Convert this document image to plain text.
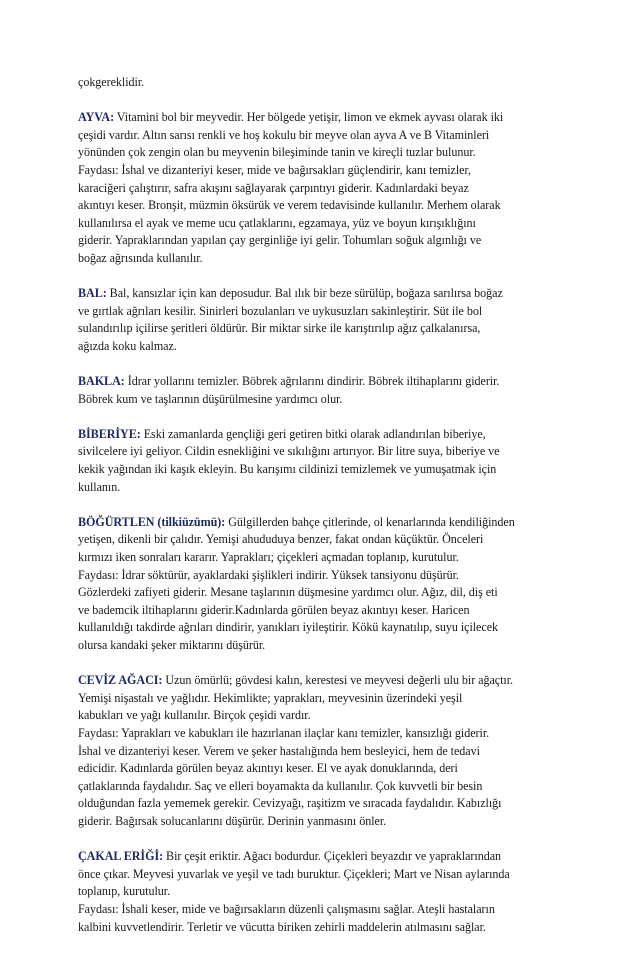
çokgereklidir.
AYVA: Vitamini bol bir meyvedir. Her bölgede yetişir, limon ve ekmek ayvası olarak iki
çeşidi vardır. Altın sarısı renkli ve hoş kokulu bir meyve olan ayva A ve B Vitaminleri
yönünden çok zengin olan bu meyvenin bileşiminde tanin ve kireçli tuzlar bulunur.
Faydası: İshal ve dizanteriyi keser, mide ve bağırsakları güçlendirir, kanı temizler,
karaciğeri çalıştırır, safra akışını sağlayarak çarpıntıyı giderir. Kadınlardaki beyaz
akıntıyı keser. Bronşit, müzmin öksürük ve verem tedavisinde kullanılır. Merhem olarak
kullanılırsa el ayak ve meme ucu çatlaklarını, egzamaya, yüz ve boyun kırışıklığını
giderir. Yapraklarından yapılan çay gerginliğe iyi gelir. Tohumları soğuk algınlığı ve
boğaz ağrısında kullanılır.
BAL: Bal, kansızlar için kan deposudur. Bal ılık bir beze sürülüp, boğaza sarılırsa boğaz
ve gırtlak ağrıları kesilir. Sinirleri bozulanları ve uykusuzları sakinleştirir. Süt ile bol
sulandırılıp içilirse şeritleri öldürür. Bir miktar sirke ile karıştırılıp ağız çalkalanırsa,
ağızda koku kalmaz.
BAKLA: İdrar yollarını temizler. Böbrek ağrılarını dindirir. Böbrek iltihaplarını giderir.
Böbrek kum ve taşlarının düşürülmesine yardımcı olur.
BİBERİYE: Eski zamanlarda gençliği geri getiren bitki olarak adlandırılan biberiye,
sivilcelere iyi geliyor. Cildin esnekliğini ve sıkılığını artırıyor. Bir litre suya, biberiye ve
kekik yağından iki kaşık ekleyin. Bu karışımı cildinizi temizlemek ve yumuşatmak için
kullanın.
BÖĞÜRTLEN (tilkiüzümü): Gülgillerden bahçe çitlerinde, ol kenarlarında kendiliğinden
yetişen, dikenli bir çalıdır. Yemişi ahududuya benzer, fakat ondan küçüktür. Önceleri
kırmızı iken sonraları kararır. Yaprakları; çiçekleri açmadan toplanıp, kurutulur.
Faydası: İdrar söktürür, ayaklardaki şişlikleri indirir. Yüksek tansiyonu düşürür.
Gözlerdeki zafiyeti giderir. Mesane taşlarının düşmesine yardımcı olur. Ağız, dil, diş eti
ve bademcik iltihaplarını giderir.Kadınlarda görülen beyaz akıntıyı keser. Haricen
kullanıldığı takdirde ağrıları dindirir, yanıkları iyileştirir. Kökü kaynatılıp, suyu içilecek
olursa kandaki şeker miktarını düşürür.
CEVİZ AĞACI: Uzun ömürlü; gövdesi kalın, kerestesi ve meyvesi değerli ulu bir ağaçtır.
Yemişi nişastalı ve yağlıdır. Hekimlikte; yaprakları, meyvesinin üzerindeki yeşil
kabukları ve yağı kullanılır. Birçok çeşidi vardır.
Faydası: Yaprakları ve kabukları ile hazırlanan ilaçlar kanı temizler, kansızlığı giderir.
İshal ve dizanteriyi keser. Verem ve şeker hastalığında hem besleyici, hem de tedavi
edicidir. Kadınlarda görülen beyaz akıntıyı keser. El ve ayak donuklarında, deri
çatlaklarında faydalıdır. Saç ve elleri boyamakta da kullanılır. Çok kuvvetli bir besin
olduğundan fazla yememek gerekir. Cevizyağı, raşitizm ve sıracada faydalıdır. Kabızlığı
giderir. Bağırsak solucanlarını düşürür. Derinin yanmasını önler.
ÇAKAL ERİĞİ: Bir çeşit eriktir. Ağacı bodurdur. Çiçekleri beyazdır ve yapraklarından
önce çıkar. Meyvesi yuvarlak ve yeşil ve tadı buruktur. Çiçekleri; Mart ve Nisan aylarında
toplanıp, kurutulur.
Faydası: İshali keser, mide ve bağırsakların düzenli çalışmasını sağlar. Ateşli hastaların
kalbini kuvvetlendirir. Terletir ve vücutta biriken zehirli maddelerin atılmasını sağlar.
